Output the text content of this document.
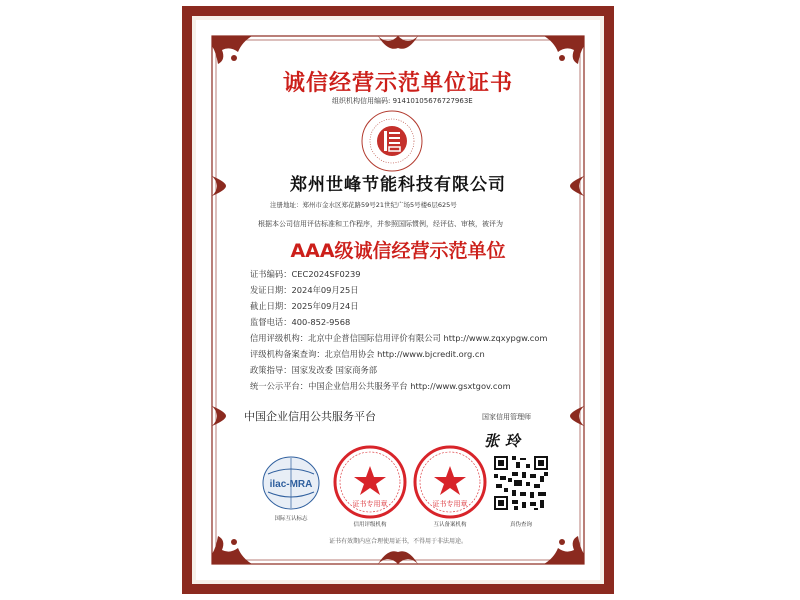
诚信经营示范单位证书
组织机构信用编码: 91410105676727963E
郑州世峰节能科技有限公司
注册地址：郑州市金水区郑花路59号21世纪广场5号楼6层625号
根据本公司信用评估标准和工作程序，并参照国际惯例，经评估、审核，被评为
AAA级诚信经营示范单位
证书编码：CEC2024SF0239
发证日期：2024年09月25日
截止日期：2025年09月24日
监督电话：400-852-9568
信用评级机构：北京中企普信国际信用评价有限公司 http://www.zqxypgw.com
评级机构备案查询：北京信用协会 http://www.bjcredit.org.cn
政策指导：国家发改委 国家商务部
统一公示平台：中国企业信用公共服务平台 http://www.gsxtgov.com
中国企业信用公共服务平台	国家信用管理师
张玲
ilac-MRA
国际互认标志
证书专用章
信用评级机构
证书专用章
互认备案机构	真伪查询
证书有效期内应合理使用证书，不得用于非法用途。
